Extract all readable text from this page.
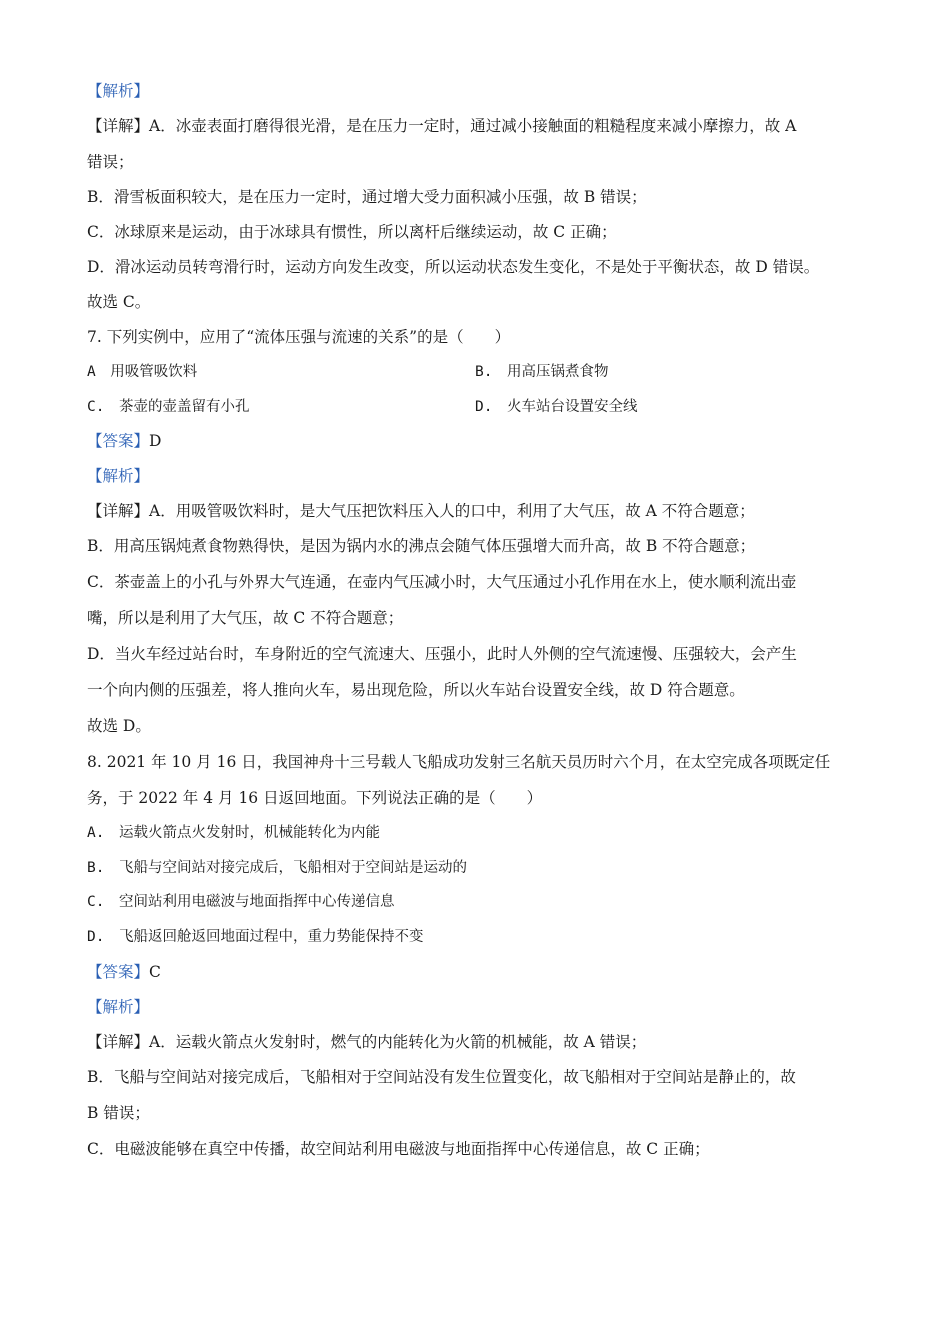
【解析】
【详解】A．冰壶表面打磨得很光滑，是在压力一定时，通过减小接触面的粗糙程度来减小摩擦力，故 A
错误；
B．滑雪板面积较大，是在压力一定时，通过增大受力面积减小压强，故 B 错误；
C．冰球原来是运动，由于冰球具有惯性，所以离杆后继续运动，故 C 正确；
D．滑冰运动员转弯滑行时，运动方向发生改变，所以运动状态发生变化，不是处于平衡状态，故 D 错误。
故选 C。
7. 下列实例中，应用了“流体压强与流速的关系”的是（　　）
A　用吸管吸饮料	B.　用高压锅煮食物
C.　茶壶的壶盖留有小孔	D.　火车站台设置安全线
【答案】D
【解析】
【详解】A．用吸管吸饮料时，是大气压把饮料压入人的口中，利用了大气压，故 A 不符合题意；
B．用高压锅炖煮食物熟得快，是因为锅内水的沸点会随气体压强增大而升高，故 B 不符合题意；
C．茶壶盖上的小孔与外界大气连通，在壶内气压减小时，大气压通过小孔作用在水上，使水顺利流出壶
嘴，所以是利用了大气压，故 C 不符合题意；
D．当火车经过站台时，车身附近的空气流速大、压强小，此时人外侧的空气流速慢、压强较大，会产生
一个向内侧的压强差，将人推向火车，易出现危险，所以火车站台设置安全线，故 D 符合题意。
故选 D。
8. 2021 年 10 月 16 日，我国神舟十三号载人飞船成功发射三名航天员历时六个月，在太空完成各项既定任
务，于 2022 年 4 月 16 日返回地面。下列说法正确的是（　　）
A.　运载火箭点火发射时，机械能转化为内能
B.　飞船与空间站对接完成后，飞船相对于空间站是运动的
C.　空间站利用电磁波与地面指挥中心传递信息
D.　飞船返回舱返回地面过程中，重力势能保持不变
【答案】C
【解析】
【详解】A．运载火箭点火发射时，燃气的内能转化为火箭的机械能，故 A 错误；
B．飞船与空间站对接完成后，飞船相对于空间站没有发生位置变化，故飞船相对于空间站是静止的，故
B 错误；
C．电磁波能够在真空中传播，故空间站利用电磁波与地面指挥中心传递信息，故 C 正确；
